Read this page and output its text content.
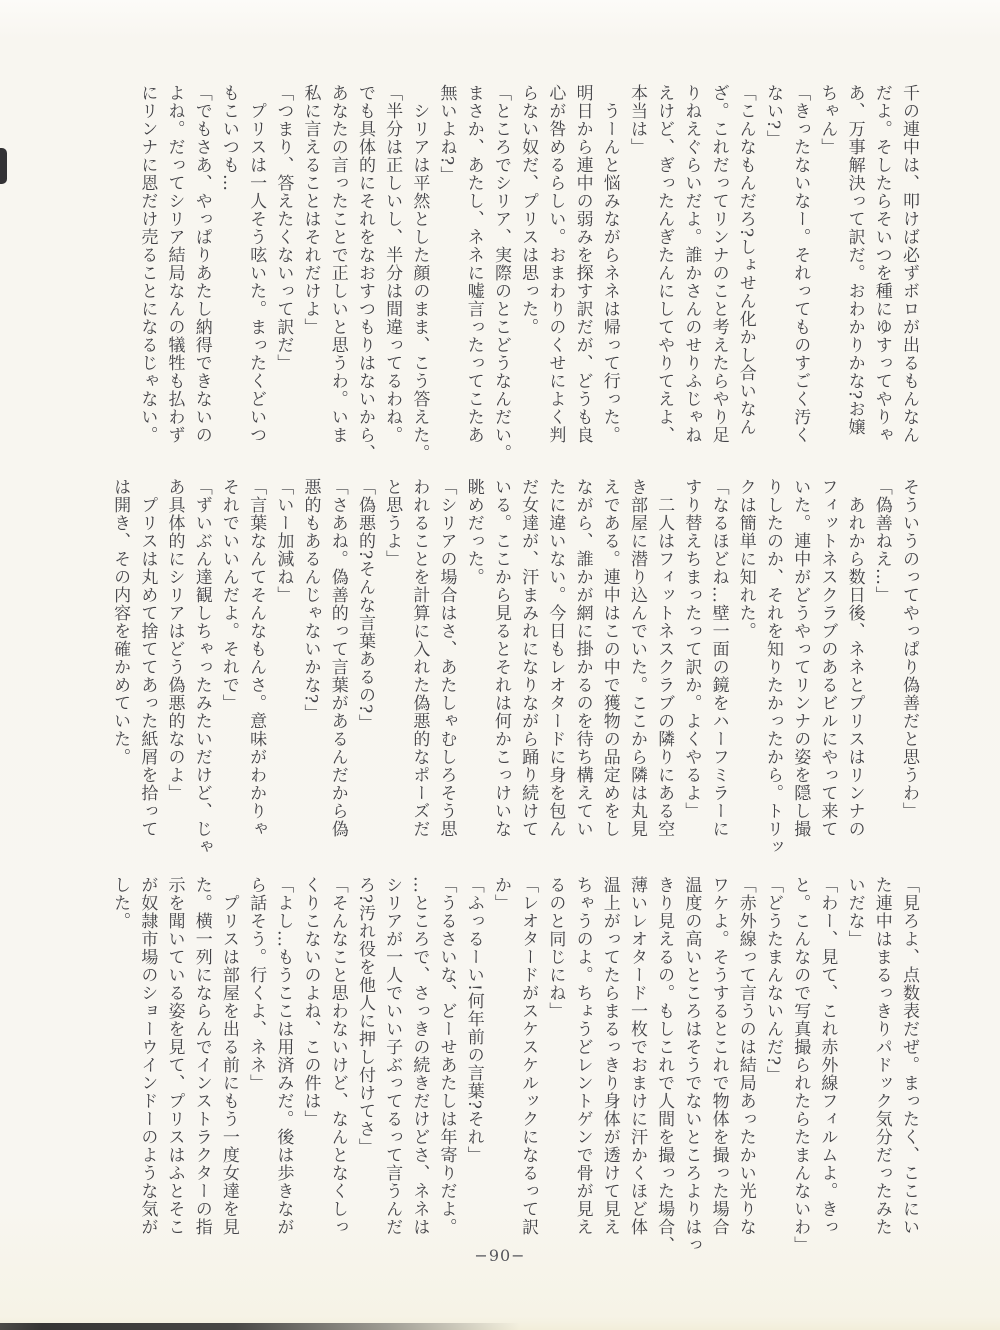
千の連中は、叩けば必ずボロが出るもんなん
だよ。そしたらそいつを種にゆすってやりゃ
あ、万事解決って訳だ。おわかりかな?お嬢
ちゃん」
「きったないなー。それってものすごく汚く
ない?」
「こんなもんだろ?しょせん化かし合いなん
ざ。これだってリンナのこと考えたらやり足
りねえぐらいだよ。誰かさんのせりふじゃね
えけど、ぎったんぎたんにしてやりてえよ、
本当は」
　うーんと悩みながらネネは帰って行った。
明日から連中の弱みを探す訳だが、どうも良
心が咎めるらしい。おまわりのくせによく判
らない奴だ、プリスは思った。
「ところでシリア、実際のとこどうなんだい。
まさか、あたし、ネネに嘘言ったってこたあ
無いよね?」
　シリアは平然とした顔のまま、こう答えた。
「半分は正しいし、半分は間違ってるわね。
でも具体的にそれをなおすつもりはないから、
あなたの言ったことで正しいと思うわ。いま
私に言えることはそれだけよ」
「つまり、答えたくないって訳だ」
　プリスは一人そう呟いた。まったくどいつ
もこいつも…
「でもさあ、やっぱりあたし納得できないの
よね。だってシリア結局なんの犠牲も払わず
にリンナに恩だけ売ることになるじゃない。
そういうのってやっぱり偽善だと思うわ」
「偽善ねえ…」
　あれから数日後、ネネとプリスはリンナの
フィットネスクラブのあるビルにやって来て
いた。連中がどうやってリンナの姿を隠し撮
りしたのか、それを知りたかったから。トリッ
クは簡単に知れた。
「なるほどね…壁一面の鏡をハーフミラーに
すり替えちまったって訳か。よくやるよ」
　二人はフィットネスクラブの隣りにある空
き部屋に潜り込んでいた。ここから隣は丸見
えである。連中はこの中で獲物の品定めをし
ながら、誰かが網に掛かるのを待ち構えてい
たに違いない。今日もレオタードに身を包ん
だ女達が、汗まみれになりながら踊り続けて
いる。ここから見るとそれは何かこっけいな
眺めだった。
「シリアの場合はさ、あたしゃむしろそう思
われることを計算に入れた偽悪的なポーズだ
と思うよ」
「偽悪的?そんな言葉あるの?」
「さあね。偽善的って言葉があるんだから偽
悪的もあるんじゃないかな?」
「いー加減ね」
「言葉なんてそんなもんさ。意味がわかりゃ
それでいいんだよ。それで」
「ずいぶん達観しちゃったみたいだけど、じゃ
あ具体的にシリアはどう偽悪的なのよ」
　プリスは丸めて捨ててあった紙屑を拾って
は開き、その内容を確かめていた。
「見ろよ、点数表だぜ。まったく、ここにい
た連中はまるっきりパドック気分だったみた
いだな」
「わー、見て、これ赤外線フィルムよ。きっ
と。こんなので写真撮られたらたまんないわ」
「どうたまんないんだ?」
「赤外線って言うのは結局あったかい光りな
ワケよ。そうするとこれで物体を撮った場合
温度の高いところはそうでないところよりはっ
きり見えるの。もしこれで人間を撮った場合、
薄いレオタード一枚でおまけに汗かくほど体
温上がってたらまるっきり身体が透けて見え
ちゃうのよ。ちょうどレントゲンで骨が見え
るのと同じにね」
「レオタードがスケスケルックになるって訳
か」
「ふっるーい!何年前の言葉?それ」
「うるさいな、どーせあたしは年寄りだよ。
…ところで、さっきの続きだけどさ、ネネは
シリアが一人でいい子ぶってるって言うんだ
ろ?汚れ役を他人に押し付けてさ」
「そんなこと思わないけど、なんとなくしっ
くりこないのよね、この件は」
「よし…もうここは用済みだ。後は歩きなが
ら話そう。行くよ、ネネ」
　プリスは部屋を出る前にもう一度女達を見
た。横一列にならんでインストラクターの指
示を聞いている姿を見て、プリスはふとそこ
が奴隷市場のショーウインドーのような気が
した。
−90−
